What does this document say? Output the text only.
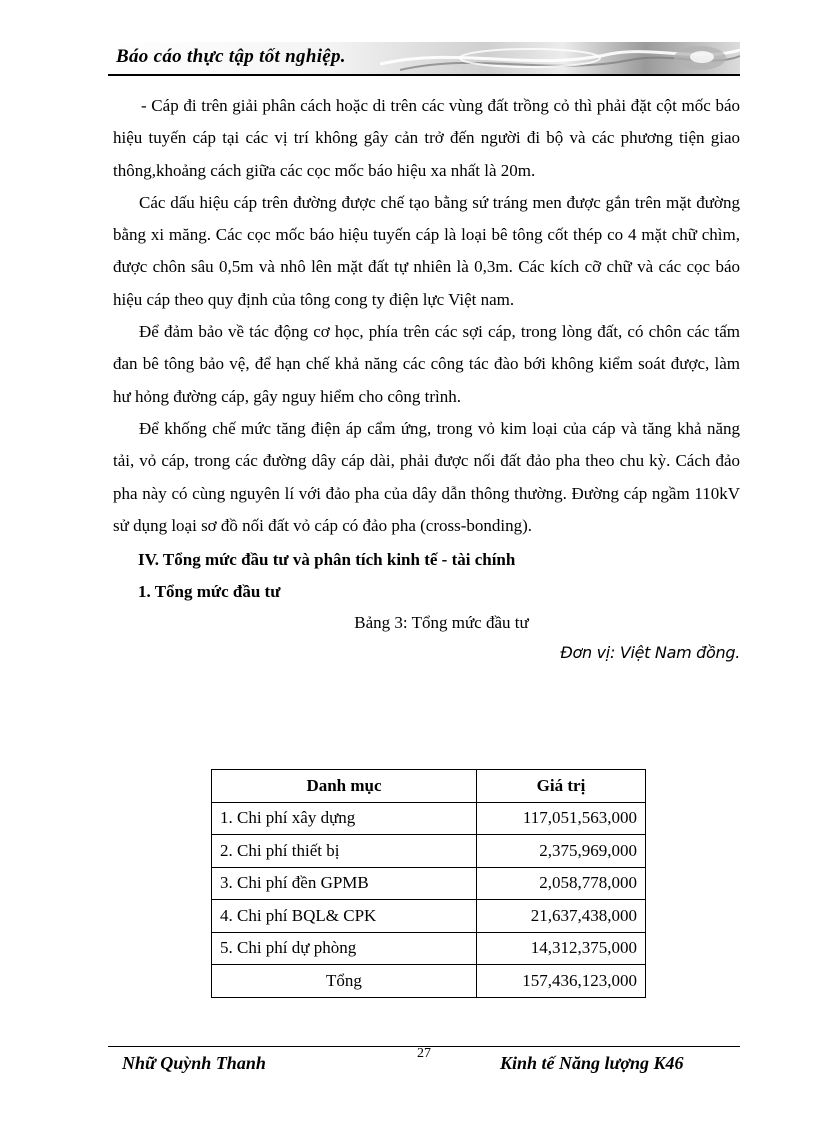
Báo cáo thực tập tốt nghiệp.

- Cáp đi trên giải phân cách hoặc di trên các vùng đất trồng cỏ thì phải đặt cột mốc báo hiệu tuyến cáp tại các vị trí không gây cản trở đến người đi bộ và các phương tiện giao thông,khoảng cách giữa các cọc mốc báo hiệu xa nhất là 20m.

Các dấu hiệu cáp trên đường được chế tạo bằng sứ tráng men được gắn trên mặt đường bằng xi măng. Các cọc mốc báo hiệu tuyến cáp là loại bê tông cốt thép co 4 mặt chữ chìm, được chôn sâu 0,5m và nhô lên mặt đất tự nhiên là 0,3m. Các kích cỡ chữ và các cọc báo hiệu cáp theo quy định của tông cong ty điện lực Việt nam.

Để đảm bảo về tác động cơ học, phía trên các sợi cáp, trong lòng đất, có chôn các tấm đan bê tông bảo vệ, để hạn chế khả năng các công tác đào bới không kiểm soát được, làm hư hỏng đường cáp, gây nguy hiểm cho công trình.

Để khống chế mức tăng điện áp cẩm ứng, trong vỏ kim loại của cáp và tăng khả năng tải, vỏ cáp, trong các đường dây cáp dài, phải được nối đất đảo pha theo chu kỳ. Cách đảo pha này có cùng nguyên lí với đảo pha của dây dẫn thông thường. Đường cáp ngầm 110kV sử dụng loại sơ đồ nối đất vỏ cáp có đảo pha (cross-bonding).

IV. Tổng mức đầu tư và phân tích kinh tế - tài chính

1. Tổng mức đầu tư

Bảng 3: Tổng mức đầu tư

Đơn vị: Việt Nam đồng.

Danh mục	Giá trị
1. Chi phí xây dựng	117,051,563,000
2. Chi phí thiết bị	2,375,969,000
3. Chi phí đền GPMB	2,058,778,000
4. Chi phí BQL& CPK	21,637,438,000
5. Chi phí dự phòng	14,312,375,000
Tổng	157,436,123,000
Nhữ Quỳnh Thanh	27	Kinh tế Năng lượng K46
